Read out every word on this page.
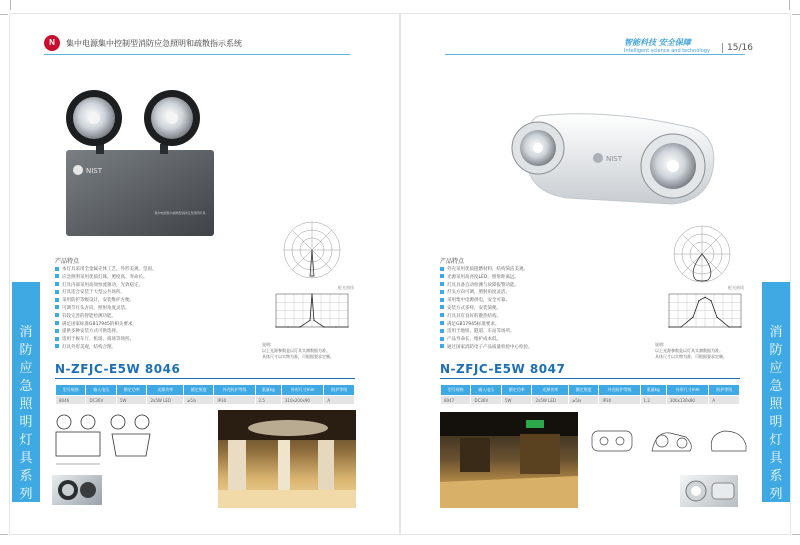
N	集中电源集中控制型消防应急照明和疏散指示系统	智能科技 安全保障
Intelligent science and technology	15/16
消
防
应
急
照
明
灯
具
系
列
消
防
应
急
照
明
灯
具
系
列
NIST
集中电源集中控制型消防应急照明灯具
NIST
配光曲线	配光曲线
产品特点
本灯具采用全金属壳体工艺，外形美观、坚固。
应急照明采用优质灯珠，照度高、寿命长。
灯具内部采用高效恒流驱动，光效稳定。
灯具适合安装于大型公共场所。
采用防护等级设计，安装维护方便。
可调节灯头方向，照射角度灵活。
有较完善的智能检测功能。
满足国家标准GB17945的相关要求。
提供多种安装方式可供选择。
适用于候车厅、机场、商场等场所。
灯具外形美观，结构合理。
产品特点
外壳采用优质阻燃材料，结构简洁美观。
光源采用高亮度LED，照射距离远。
灯具具备自动检测与故障报警功能。
灯头方向可调，照射角度灵活。
采用集中电源供电，安全可靠。
安装方式多样，安装简便。
灯具具有良好的散热结构。
满足GB17945标准要求。
适用于地铁、隧道、车站等场所。
产品寿命长，维护成本低。
通过国家消防电子产品质量检验中心检验。
说明:
以上光源参数是以灯具实测数据为准。
具体尺寸以实物为准，可根据要求定制。
说明:
以上光源参数是以灯具实测数据为准。
具体尺寸以实物为准，可根据要求定制。
N-ZFJC-E5W 8046	N-ZFJC-E5W 8047
型号规格	输入电压	额定功率	光源功率	额定照度	外壳防护等级	重量kg	外形尺寸mm	防护等级
8046	DC36V	5W	2x5W LED	≥5lx	IP30	2.5	310x200x90	A
型号规格	输入电压	额定功率	光源功率	额定照度	外壳防护等级	重量kg	外形尺寸mm	防护等级
8047	DC36V	5W	2x5W LED	≥5lx	IP30	1.2	300x130x80	A
